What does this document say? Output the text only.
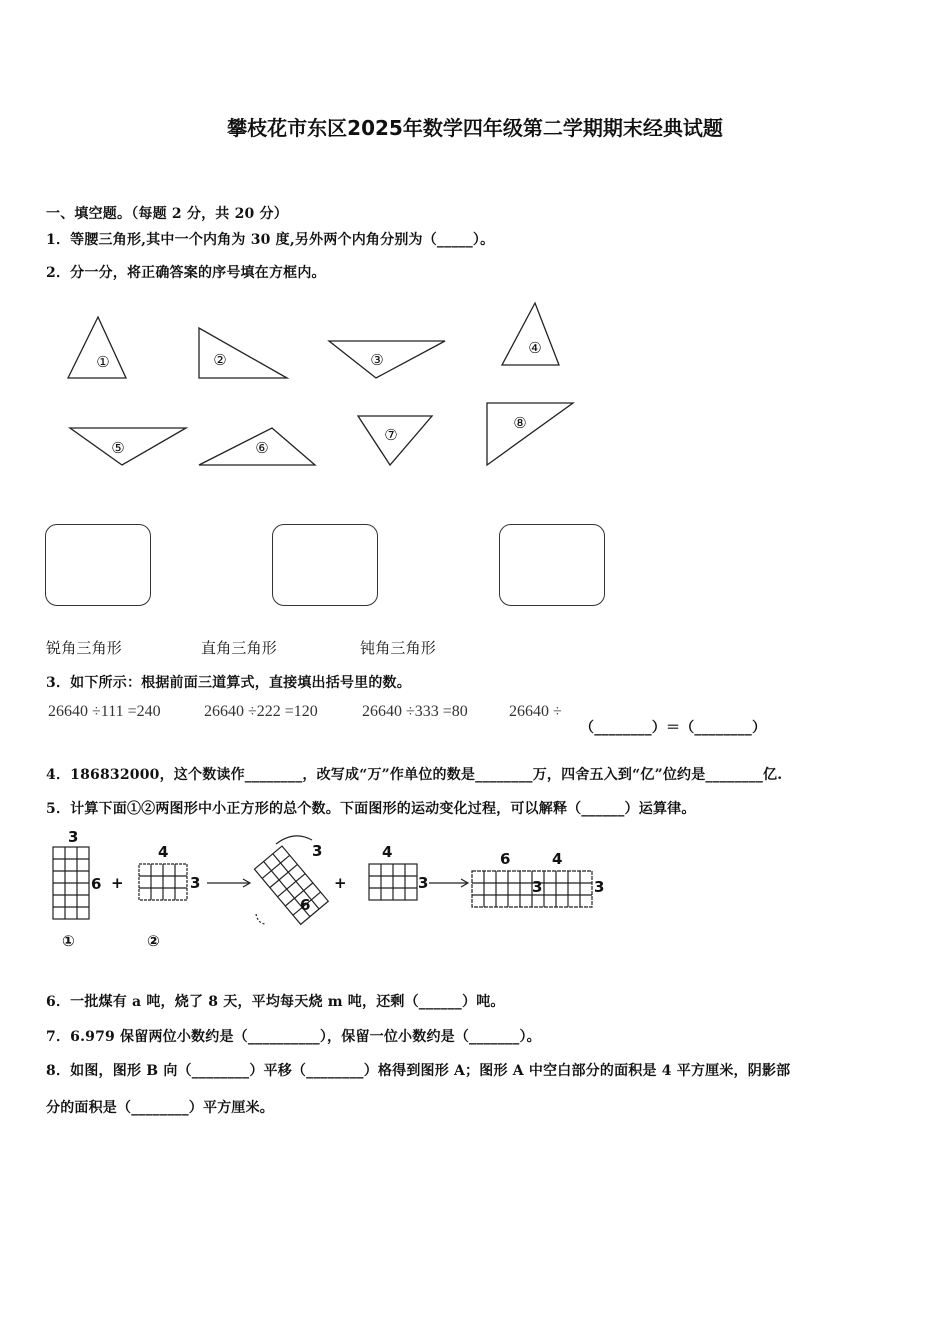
攀枝花市东区2025年数学四年级第二学期期末经典试题
一、填空题。（每题 2 分，共 20 分）
1．等腰三角形,其中一个内角为 30 度,另外两个内角分别为（_____）。
2．分一分，将正确答案的序号填在方框内。
①	②	③
④
⑤	⑥
⑦
⑧
锐角三角形	直角三角形	钝角三角形
3．如下所示：根据前面三道算式，直接填出括号里的数。
26640 ÷111 =240	26640 ÷222 =120	26640 ÷333 =80	26640 ÷
（________）＝（________）
4．186832000，这个数读作________，改写成“万”作单位的数是________万，四舍五入到“亿”位约是________亿.
5．计算下面①②两图形中小正方形的总个数。下面图形的运动变化过程，可以解释（______）运算律。
3
6 +
4
3
3
6
+
4
3
6	4
3	3
①	②
6．一批煤有 a 吨，烧了 8 天，平均每天烧 m 吨，还剩（______）吨。
7．6.979 保留两位小数约是（__________），保留一位小数约是（_______）。
8．如图，图形 B 向（________）平移（________）格得到图形 A；图形 A 中空白部分的面积是 4 平方厘米，阴影部
分的面积是（________）平方厘米。
